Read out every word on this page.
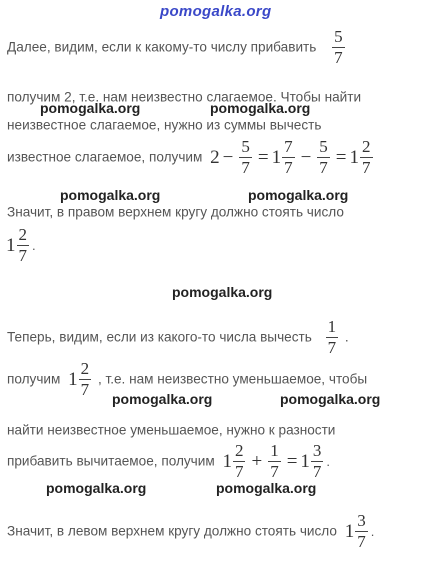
pomogalka.org
Далее, видим, если к какому-то числу прибавить $\frac{5}{7}$
получим 2, т.е. нам неизвестно слагаемое. Чтобы найти
pomogalka.org	pomogalka.org
неизвестное слагаемое, нужно из суммы вычесть
известное слагаемое, получим $2 - \frac{5}{7} = 1 \frac{7}{7} - \frac{5}{7} = 1 \frac{2}{7}$
pomogalka.org	pomogalka.org
Значит, в правом верхнем кругу должно стоять число
$1 \frac{2}{7}$ .
pomogalka.org
Теперь, видим, если из какого-то числа вычесть $\frac{1}{7}$ .
получим $1 \frac{2}{7}$ , т.е. нам неизвестно уменьшаемое, чтобы
pomogalka.org	pomogalka.org
найти неизвестное уменьшаемое, нужно к разности
прибавить вычитаемое, получим $1 \frac{2}{7} + \frac{1}{7} = 1 \frac{3}{7}$ .
pomogalka.org	pomogalka.org
Значит, в левом верхнем кругу должно стоять число $1 \frac{3}{7}$ .
